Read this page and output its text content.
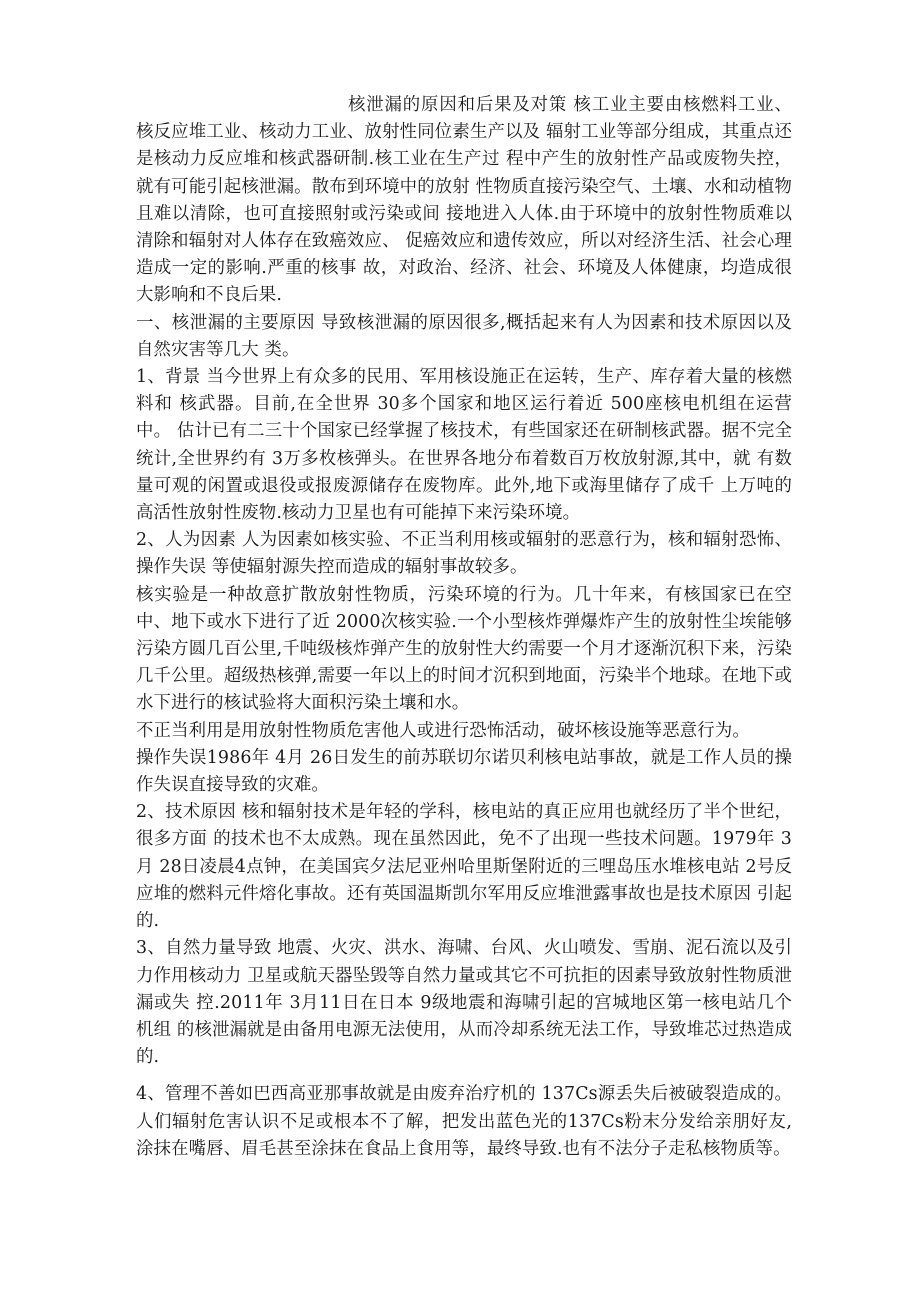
核泄漏的原因和后果及对策 核工业主要由核燃料工业、核反应堆工业、核动力工业、放射性同位素生产以及 辐射工业等部分组成，其重点还是核动力反应堆和核武器研制.核工业在生产过 程中产生的放射性产品或废物失控，就有可能引起核泄漏。散布到环境中的放射 性物质直接污染空气、土壤、水和动植物且难以清除，也可直接照射或污染或间 接地进入人体.由于环境中的放射性物质难以清除和辐射对人体存在致癌效应、 促癌效应和遗传效应，所以对经济生活、社会心理造成一定的影响.严重的核事 故，对政治、经济、社会、环境及人体健康，均造成很大影响和不良后果.

一、核泄漏的主要原因 导致核泄漏的原因很多,概括起来有人为因素和技术原因以及自然灾害等几大 类。

1、背景 当今世界上有众多的民用、军用核设施正在运转，生产、库存着大量的核燃料和 核武器。目前,在全世界 30多个国家和地区运行着近 500座核电机组在运营中。 估计已有二三十个国家已经掌握了核技术，有些国家还在研制核武器。据不完全 统计,全世界约有 3万多枚核弹头。在世界各地分布着数百万枚放射源,其中，就 有数量可观的闲置或退役或报废源储存在废物库。此外,地下或海里储存了成千 上万吨的高活性放射性废物.核动力卫星也有可能掉下来污染环境。

2、人为因素 人为因素如核实验、不正当利用核或辐射的恶意行为，核和辐射恐怖、操作失误 等使辐射源失控而造成的辐射事故较多。

核实验是一种故意扩散放射性物质，污染环境的行为。几十年来，有核国家已在空中、地下或水下进行了近 2000次核实验.一个小型核炸弹爆炸产生的放射性尘埃能够污染方圆几百公里,千吨级核炸弹产生的放射性大约需要一个月才逐渐沉积下来，污染几千公里。超级热核弹,需要一年以上的时间才沉积到地面，污染半个地球。在地下或水下进行的核试验将大面积污染土壤和水。

不正当利用是用放射性物质危害他人或进行恐怖活动，破坏核设施等恶意行为。

操作失误1986年 4月 26日发生的前苏联切尔诺贝利核电站事故，就是工作人员的操作失误直接导致的灾难。

2、技术原因 核和辐射技术是年轻的学科，核电站的真正应用也就经历了半个世纪，很多方面 的技术也不太成熟。现在虽然因此，免不了出现一些技术问题。1979年 3月 28日凌晨4点钟，在美国宾夕法尼亚州哈里斯堡附近的三哩岛压水堆核电站 2号反 应堆的燃料元件熔化事故。还有英国温斯凯尔军用反应堆泄露事故也是技术原因 引起的.

3、自然力量导致 地震、火灾、洪水、海啸、台风、火山喷发、雪崩、泥石流以及引力作用核动力 卫星或航天器坠毁等自然力量或其它不可抗拒的因素导致放射性物质泄漏或失 控.2011年 3月11日在日本 9级地震和海啸引起的宫城地区第一核电站几个机组 的核泄漏就是由备用电源无法使用，从而冷却系统无法工作，导致堆芯过热造成 的.

4、管理不善如巴西高亚那事故就是由废弃治疗机的 137Cs源丢失后被破裂造成的。人们辐射危害认识不足或根本不了解，把发出蓝色光的137Cs粉末分发给亲朋好友,涂抹在嘴唇、眉毛甚至涂抹在食品上食用等，最终导致.也有不法分子走私核物质等。
